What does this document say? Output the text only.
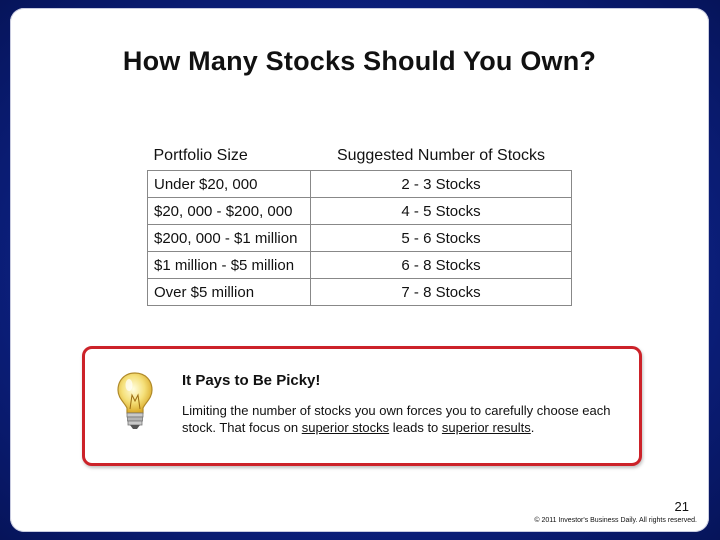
How Many Stocks Should You Own?
Portfolio Size	Suggested Number of Stocks
Under $20, 000	2 - 3 Stocks
$20, 000 - $200, 000	4 - 5 Stocks
$200, 000 - $1 million	5 - 6 Stocks
$1 million - $5 million	6 - 8 Stocks
Over $5 million	7 - 8 Stocks
It Pays to Be Picky!
Limiting the number of stocks you own forces you to carefully choose each stock. That focus on superior stocks leads to superior results.
21
© 2011 Investor's Business Daily. All rights reserved.
